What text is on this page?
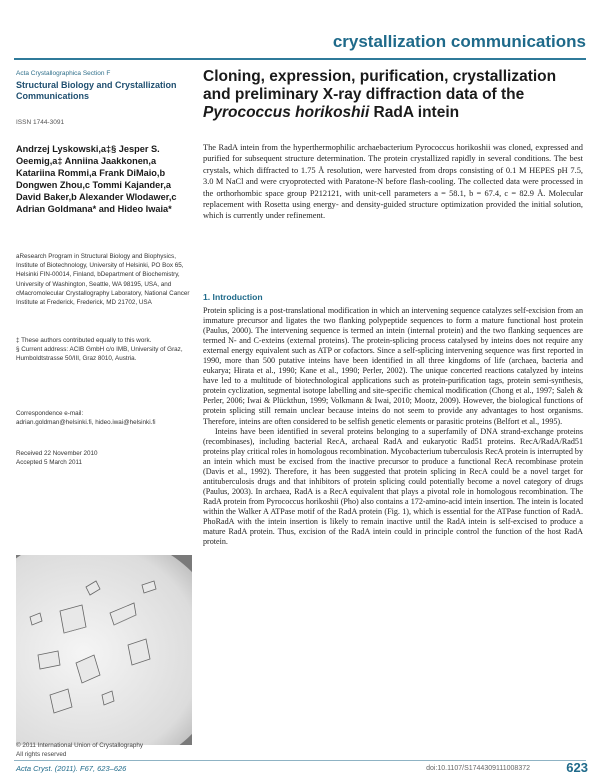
crystallization communications
Acta Crystallographica Section F
Structural Biology and Crystallization Communications
ISSN 1744-3091
Cloning, expression, purification, crystallization and preliminary X-ray diffraction data of the Pyrococcus horikoshii RadA intein
Andrzej Lyskowski,a‡§ Jesper S. Oeemig,a‡ Anniina Jaakkonen,a Katariina Rommi,a Frank DiMaio,b Dongwen Zhou,c Tommi Kajander,a David Baker,b Alexander Wlodawer,c Adrian Goldmana* and Hideo Iwaia*
aResearch Program in Structural Biology and Biophysics, Institute of Biotechnology, University of Helsinki, PO Box 65, Helsinki FIN-00014, Finland, bDepartment of Biochemistry, University of Washington, Seattle, WA 98195, USA, and cMacromolecular Crystallography Laboratory, National Cancer Institute at Frederick, Frederick, MD 21702, USA
‡ These authors contributed equally to this work.
§ Current address: ACIB GmbH c/o IMB, University of Graz, Humboldtstrasse 50/III, Graz 8010, Austria.
Correspondence e-mail:
adrian.goldman@helsinki.fi, hideo.iwai@helsinki.fi
Received 22 November 2010
Accepted 5 March 2011
The RadA intein from the hyperthermophilic archaebacterium Pyrococcus horikoshii was cloned, expressed and purified for subsequent structure determination. The protein crystallized rapidly in several conditions. The best crystals, which diffracted to 1.75 Å resolution, were harvested from drops consisting of 0.1 M HEPES pH 7.5, 3.0 M NaCl and were cryoprotected with Paratone-N before flash-cooling. The collected data were processed in the orthorhombic space group P212121, with unit-cell parameters a = 58.1, b = 67.4, c = 82.9 Å. Molecular replacement with Rosetta using energy- and density-guided structure optimization provided the initial solution, which is currently under refinement.
1. Introduction

Protein splicing is a post-translational modification in which an intervening sequence catalyzes self-excision from an immature precursor and ligates the two flanking polypeptide sequences to form a mature functional host protein (Paulus, 2000). The intervening sequence is termed an intein (internal protein) and the two flanking sequences are termed N- and C-exteins (external proteins). The protein-splicing process catalysed by inteins does not require any external energy equivalent such as ATP or cofactors. Since a self-splicing intervening sequence was first reported in 1990, more than 500 putative inteins have been identified in all three kingdoms of life (archaea, bacteria and eukarya; Hirata et al., 1990; Kane et al., 1990; Perler, 2002). The unique concerted reactions catalyzed by inteins have led to a multitude of biotechnological applications such as protein-purification tags, protein semi-synthesis, protein cyclization, segmental isotope labelling and site-specific chemical modification (Chong et al., 1997; Saleh & Perler, 2006; Iwai & Plückthun, 1999; Volkmann & Iwai, 2010; Mootz, 2009). However, the biological functions of protein splicing still remain unclear because inteins do not seem to provide any advantages to host organisms. Therefore, inteins are often considered to be selfish genetic elements or parasitic proteins (Belfort et al., 1995).

Inteins have been identified in several proteins belonging to a superfamily of DNA strand-exchange proteins (recombinases), including bacterial RecA, archaeal RadA and eukaryotic Rad51 proteins. RecA/RadA/Rad51 proteins play critical roles in homologous recombination. Mycobacterium tuberculosis RecA protein is interrupted by an intein which must be excised from the inactive precursor to produce a functional RecA recombinase protein (Davis et al., 1992). Therefore, it has been suggested that protein splicing in RecA could be a novel target for antituberculosis drugs and that inhibitors of protein splicing could potentially become a novel category of drugs (Paulus, 2003). In archaea, RadA is a RecA equivalent that plays a pivotal role in homologous recombination. The RadA protein from Pyrococcus horikoshii (Pho) also contains a 172-amino-acid intein insertion. The intein is located within the Walker A ATPase motif of the RadA protein (Fig. 1), which is essential for the ATPase function of RadA. PhoRadA with the intein insertion is likely to remain inactive until the RadA intein is self-excised to produce a mature RadA protein. Thus, excision of the RadA intein could in principle control the function of the host RadA protein.

© 2011 International Union of Crystallography
All rights reserved
Acta Cryst. (2011). F67, 623–626	doi:10.1107/S1744309111008372	623
